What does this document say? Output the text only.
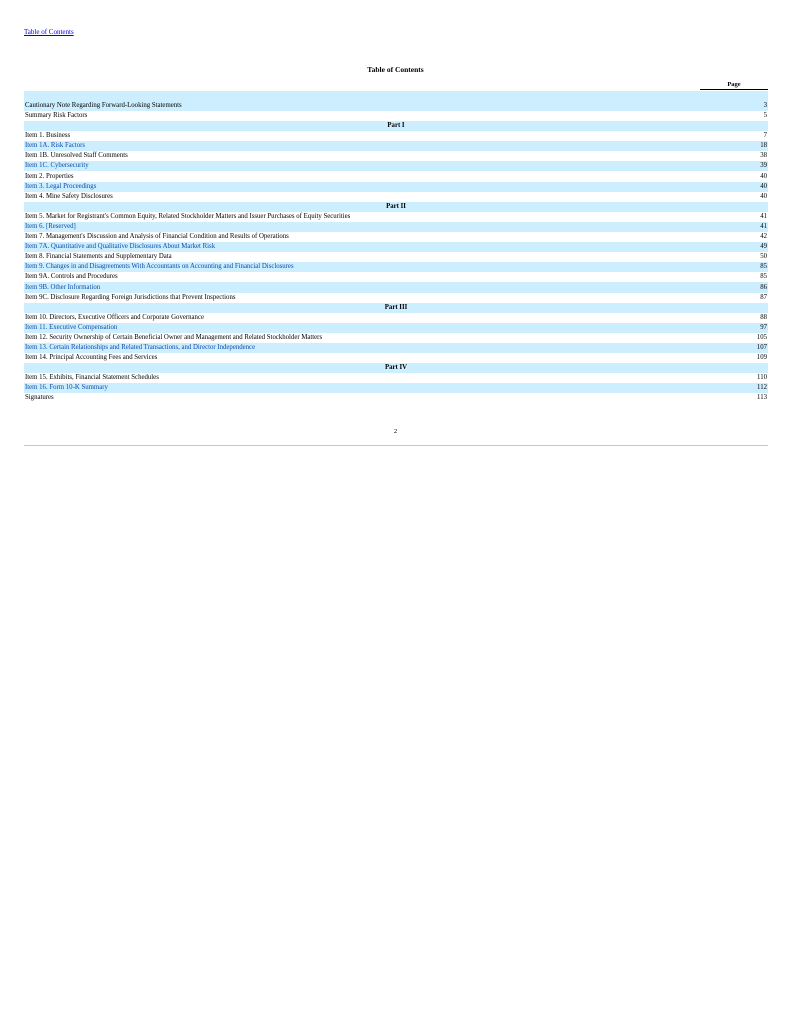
Table of Contents
Table of Contents
Page
Cautionary Note Regarding Forward-Looking Statements	3
Summary Risk Factors	5
Part I
Item 1. Business	7
Item 1A. Risk Factors	18
Item 1B. Unresolved Staff Comments	38
Item 1C. Cybersecurity	39
Item 2. Properties	40
Item 3. Legal Proceedings	40
Item 4. Mine Safety Disclosures	40
Part II
Item 5. Market for Registrant's Common Equity, Related Stockholder Matters and Issuer Purchases of Equity Securities	41
Item 6. [Reserved]	41
Item 7. Management's Discussion and Analysis of Financial Condition and Results of Operations	42
Item 7A. Quantitative and Qualitative Disclosures About Market Risk	49
Item 8. Financial Statements and Supplementary Data	50
Item 9. Changes in and Disagreements With Accountants on Accounting and Financial Disclosures	85
Item 9A. Controls and Procedures	85
Item 9B. Other Information	86
Item 9C. Disclosure Regarding Foreign Jurisdictions that Prevent Inspections	87
Part III
Item 10. Directors, Executive Officers and Corporate Governance	88
Item 11. Executive Compensation	97
Item 12. Security Ownership of Certain Beneficial Owner and Management and Related Stockholder Matters	105
Item 13. Certain Relationships and Related Transactions, and Director Independence	107
Item 14. Principal Accounting Fees and Services	109
Part IV
Item 15. Exhibits, Financial Statement Schedules	110
Item 16. Form 10-K Summary	112
Signatures	113
2
